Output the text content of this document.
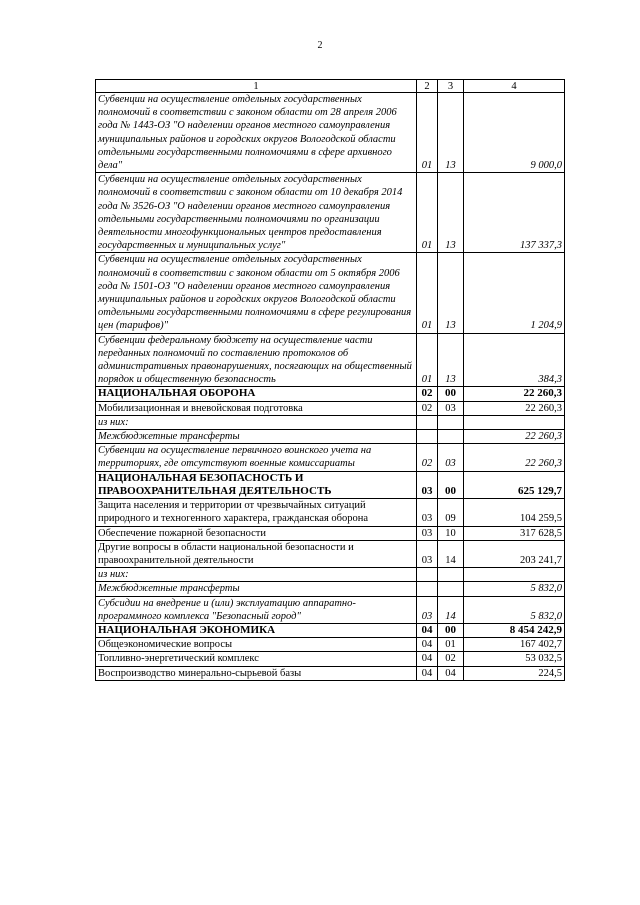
2
1	2	3	4
Субвенции на осуществление отдельных государственных полномочий в соответствии с законом области от 28 апреля 2006 года № 1443-ОЗ "О наделении органов местного самоуправления муниципальных районов и городских округов Вологодской области отдельными государственными полномочиями в сфере архивного дела"	01	13	9 000,0
Субвенции на осуществление отдельных государственных полномочий в соответствии с законом области от 10 декабря 2014 года № 3526-ОЗ "О наделении органов местного самоуправления отдельными государственными полномочиями по организации деятельности многофункциональных центров предоставления государственных и муниципальных услуг"	01	13	137 337,3
Субвенции на осуществление отдельных государственных полномочий в соответствии с законом области от 5 октября 2006 года № 1501-ОЗ "О наделении органов местного самоуправления муниципальных районов и городских округов Вологодской области отдельными государственными полномочиями в сфере регулирования цен (тарифов)"	01	13	1 204,9
Субвенции федеральному бюджету на осуществление части переданных полномочий по составлению протоколов об административных правонарушениях, посягающих на общественный порядок и общественную безопасность	01	13	384,3
НАЦИОНАЛЬНАЯ ОБОРОНА	02	00	22 260,3
Мобилизационная и вневойсковая подготовка	02	03	22 260,3
из них:			
Межбюджетные трансферты			22 260,3
Субвенции на осуществление первичного воинского учета на территориях, где отсутствуют военные комиссариаты	02	03	22 260,3
НАЦИОНАЛЬНАЯ БЕЗОПАСНОСТЬ И ПРАВООХРАНИТЕЛЬНАЯ ДЕЯТЕЛЬНОСТЬ	03	00	625 129,7
Защита населения и территории от чрезвычайных ситуаций природного и техногенного характера, гражданская оборона	03	09	104 259,5
Обеспечение пожарной безопасности	03	10	317 628,5
Другие вопросы в области национальной безопасности и правоохранительной деятельности	03	14	203 241,7
из них:			
Межбюджетные трансферты			5 832,0
Субсидии на внедрение и (или) эксплуатацию аппаратно-программного комплекса "Безопасный город"	03	14	5 832,0
НАЦИОНАЛЬНАЯ ЭКОНОМИКА	04	00	8 454 242,9
Общеэкономические вопросы	04	01	167 402,7
Топливно-энергетический комплекс	04	02	53 032,5
Воспроизводство минерально-сырьевой базы	04	04	224,5
